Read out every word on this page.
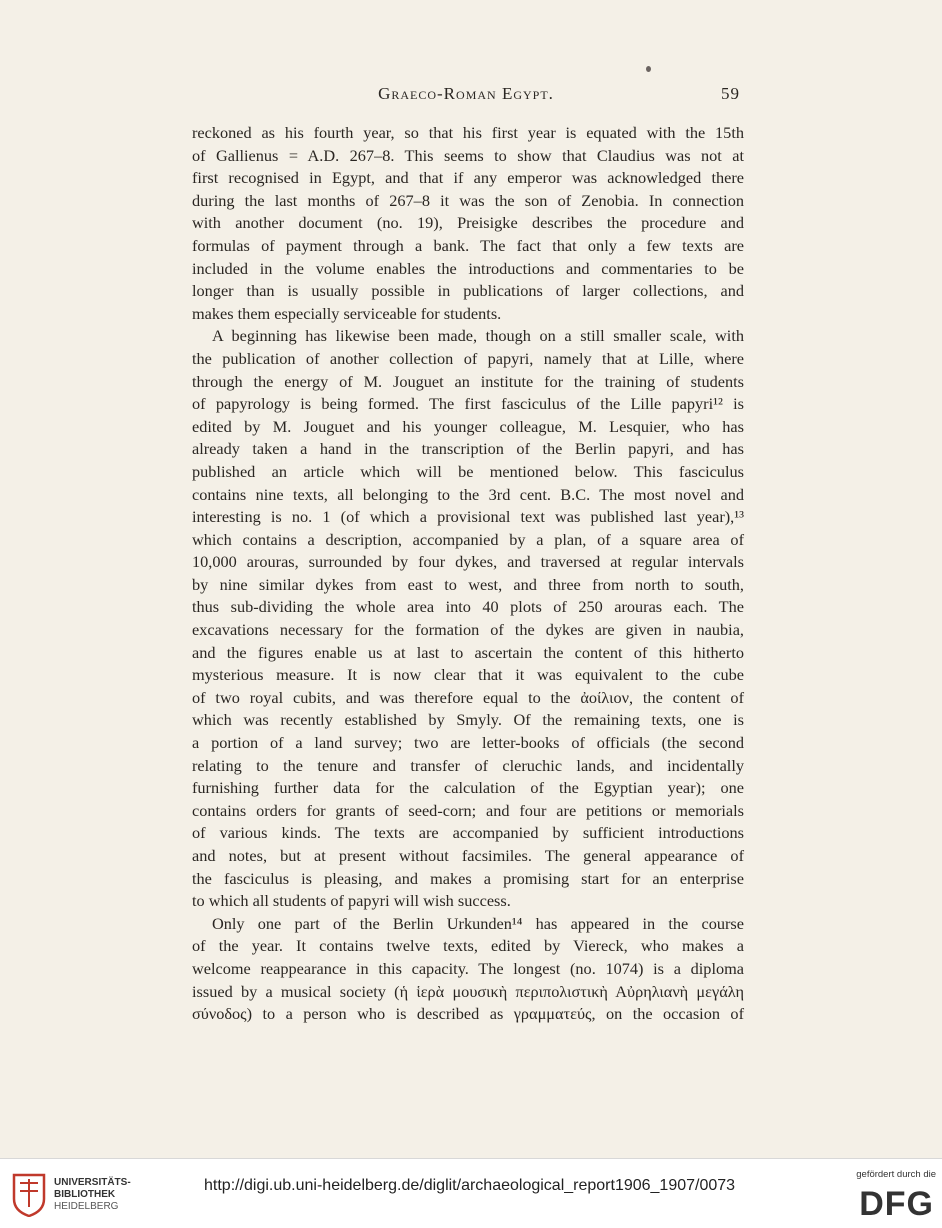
Graeco-Roman Egypt.	59
reckoned as his fourth year, so that his first year is equated with the 15th
of Gallienus = A.D. 267–8. This seems to show that Claudius was not at
first recognised in Egypt, and that if any emperor was acknowledged there
during the last months of 267–8 it was the son of Zenobia. In connection
with another document (no. 19), Preisigke describes the procedure and
formulas of payment through a bank. The fact that only a few texts are
included in the volume enables the introductions and commentaries to be
longer than is usually possible in publications of larger collections, and
makes them especially serviceable for students.
A beginning has likewise been made, though on a still smaller scale, with
the publication of another collection of papyri, namely that at Lille, where
through the energy of M. Jouguet an institute for the training of students
of papyrology is being formed. The first fasciculus of the Lille papyri¹² is
edited by M. Jouguet and his younger colleague, M. Lesquier, who has
already taken a hand in the transcription of the Berlin papyri, and has
published an article which will be mentioned below. This fasciculus
contains nine texts, all belonging to the 3rd cent. B.C. The most novel and
interesting is no. 1 (of which a provisional text was published last year),¹³
which contains a description, accompanied by a plan, of a square area of
10,000 arouras, surrounded by four dykes, and traversed at regular intervals
by nine similar dykes from east to west, and three from north to south,
thus sub-dividing the whole area into 40 plots of 250 arouras each. The
excavations necessary for the formation of the dykes are given in naubia,
and the figures enable us at last to ascertain the content of this hitherto
mysterious measure. It is now clear that it was equivalent to the cube
of two royal cubits, and was therefore equal to the ἀοίλιον, the content of
which was recently established by Smyly. Of the remaining texts, one is
a portion of a land survey; two are letter-books of officials (the second
relating to the tenure and transfer of cleruchic lands, and incidentally
furnishing further data for the calculation of the Egyptian year); one
contains orders for grants of seed-corn; and four are petitions or memorials
of various kinds. The texts are accompanied by sufficient introductions
and notes, but at present without facsimiles. The general appearance of
the fasciculus is pleasing, and makes a promising start for an enterprise
to which all students of papyri will wish success.
Only one part of the Berlin Urkunden¹⁴ has appeared in the course
of the year. It contains twelve texts, edited by Viereck, who makes a
welcome reappearance in this capacity. The longest (no. 1074) is a diploma
issued by a musical society (ἡ ἱερὰ μουσικὴ περιπολιστικὴ Αὐρηλιανὴ μεγάλη
σύνοδος) to a person who is described as γραμματεύς, on the occasion of
UNIVERSITÄTS-
BIBLIOTHEK
HEIDELBERG
http://digi.ub.uni-heidelberg.de/diglit/archaeological_report1906_1907/0073
gefördert durch die
DFG
